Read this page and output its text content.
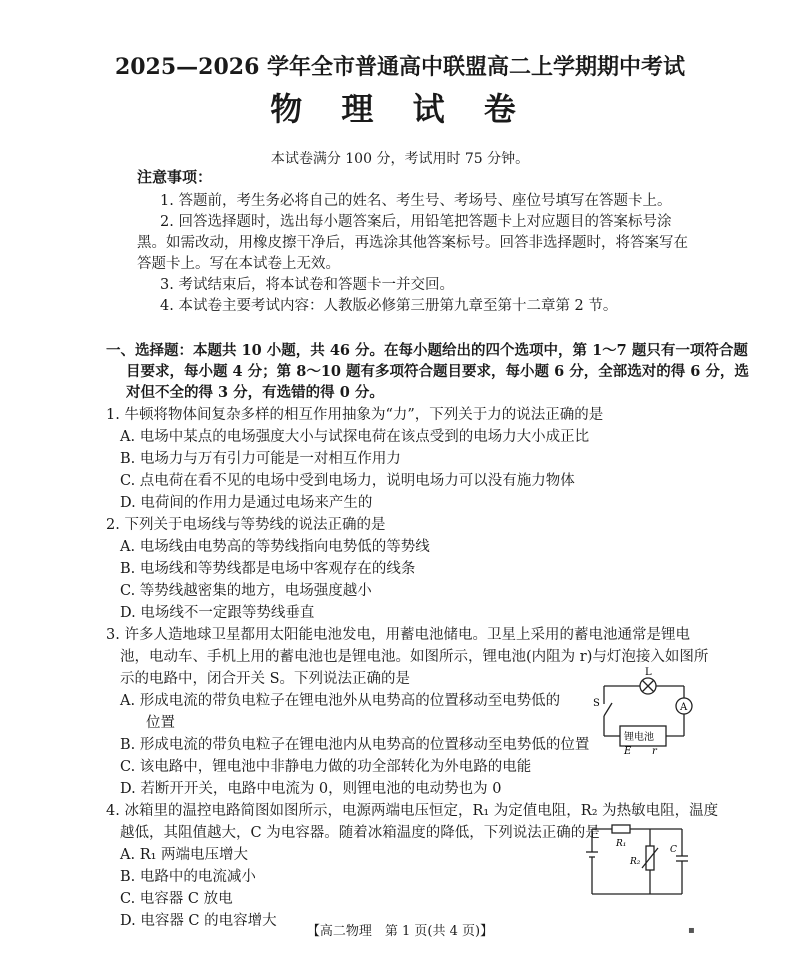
2025—2026 学年全市普通高中联盟高二上学期期中考试
物 理 试 卷
本试卷满分 100 分，考试用时 75 分钟。
注意事项：
1. 答题前，考生务必将自己的姓名、考生号、考场号、座位号填写在答题卡上。
2. 回答选择题时，选出每小题答案后，用铅笔把答题卡上对应题目的答案标号涂
黑。如需改动，用橡皮擦干净后，再选涂其他答案标号。回答非选择题时，将答案写在
答题卡上。写在本试卷上无效。
3. 考试结束后，将本试卷和答题卡一并交回。
4. 本试卷主要考试内容：人教版必修第三册第九章至第十二章第 2 节。
一、选择题：本题共 10 小题，共 46 分。在每小题给出的四个选项中，第 1～7 题只有一项符合题
目要求，每小题 4 分；第 8～10 题有多项符合题目要求，每小题 6 分，全部选对的得 6 分，选
对但不全的得 3 分，有选错的得 0 分。
1. 牛顿将物体间复杂多样的相互作用抽象为“力”，下列关于力的说法正确的是
A. 电场中某点的电场强度大小与试探电荷在该点受到的电场力大小成正比
B. 电场力与万有引力可能是一对相互作用力
C. 点电荷在看不见的电场中受到电场力，说明电场力可以没有施力物体
D. 电荷间的作用力是通过电场来产生的
2. 下列关于电场线与等势线的说法正确的是
A. 电场线由电势高的等势线指向电势低的等势线
B. 电场线和等势线都是电场中客观存在的线条
C. 等势线越密集的地方，电场强度越小
D. 电场线不一定跟等势线垂直
3. 许多人造地球卫星都用太阳能电池发电，用蓄电池储电。卫星上采用的蓄电池通常是锂电
池，电动车、手机上用的蓄电池也是锂电池。如图所示，锂电池(内阻为 r)与灯泡接入如图所
示的电路中，闭合开关 S。下列说法正确的是
A. 形成电流的带负电粒子在锂电池外从电势高的位置移动至电势低的
位置
B. 形成电流的带负电粒子在锂电池内从电势高的位置移动至电势低的位置
C. 该电路中，锂电池中非静电力做的功全部转化为外电路的电能
D. 若断开开关，电路中电流为 0，则锂电池的电动势也为 0
L
S	A
锂电池
E r
4. 冰箱里的温控电路简图如图所示，电源两端电压恒定，R₁ 为定值电阻，R₂ 为热敏电阻，温度
越低，其阻值越大，C 为电容器。随着冰箱温度的降低，下列说法正确的是
A. R₁ 两端电压增大
B. 电路中的电流减小
C. 电容器 C 放电
D. 电容器 C 的电容增大
R₁
R₂
C
【高二物理　第 1 页(共 4 页)】	▪
